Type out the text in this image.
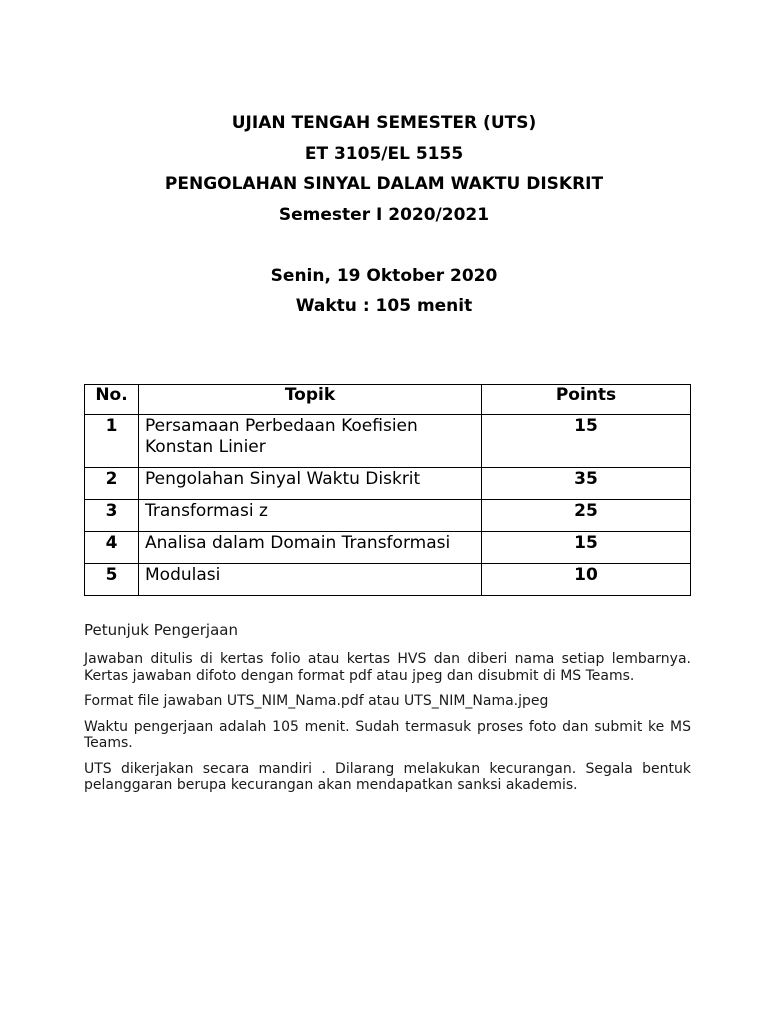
UJIAN TENGAH SEMESTER (UTS)
ET 3105/EL 5155
PENGOLAHAN SINYAL DALAM WAKTU DISKRIT
Semester I 2020/2021
Senin, 19 Oktober 2020
Waktu : 105 menit
No.	Topik	Points
1	Persamaan Perbedaan Koefisien Konstan Linier	15
2	Pengolahan Sinyal Waktu Diskrit	35
3	Transformasi z	25
4	Analisa dalam Domain Transformasi	15
5	Modulasi	10
Petunjuk Pengerjaan

Jawaban ditulis di kertas folio atau kertas HVS dan diberi nama setiap lembarnya. Kertas jawaban difoto dengan format pdf atau jpeg dan disubmit di MS Teams.

Format file jawaban UTS_NIM_Nama.pdf atau UTS_NIM_Nama.jpeg

Waktu pengerjaan adalah 105 menit. Sudah termasuk proses foto dan submit ke MS Teams.

UTS dikerjakan secara mandiri . Dilarang melakukan kecurangan. Segala bentuk pelanggaran berupa kecurangan akan mendapatkan sanksi akademis.
